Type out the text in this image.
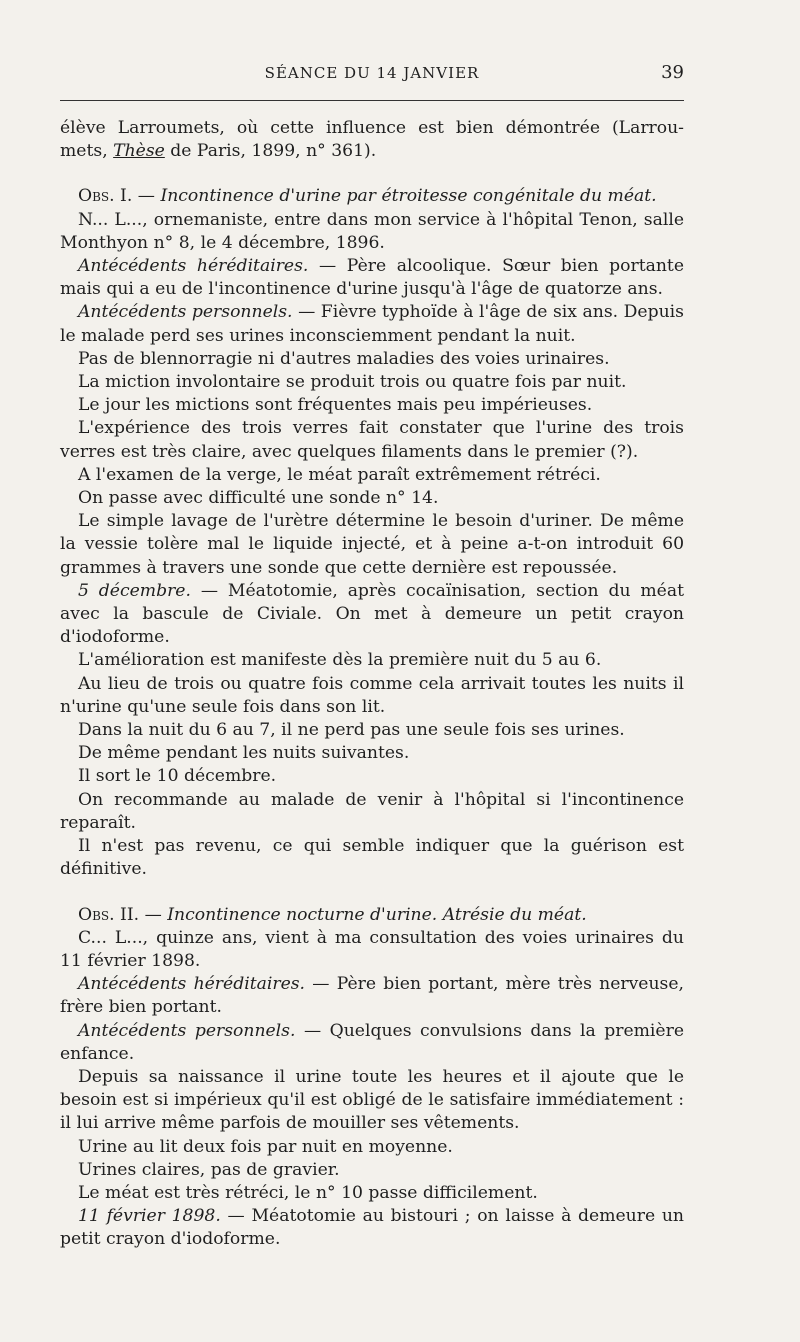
SÉANCE DU 14 JANVIER	39

élève Larroumets, où cette influence est bien démontrée (Larrou- mets, Thèse de Paris, 1899, n° 361).

Obs. I. — Incontinence d'urine par étroitesse congénitale du méat.

N... L..., ornemaniste, entre dans mon service à l'hôpital Tenon, salle Monthyon n° 8, le 4 décembre, 1896.

Antécédents héréditaires. — Père alcoolique. Sœur bien portante mais qui a eu de l'incontinence d'urine jusqu'à l'âge de quatorze ans.

Antécédents personnels. — Fièvre typhoïde à l'âge de six ans. Depuis le malade perd ses urines inconsciemment pendant la nuit.

Pas de blennorragie ni d'autres maladies des voies urinaires.

La miction involontaire se produit trois ou quatre fois par nuit.

Le jour les mictions sont fréquentes mais peu impérieuses.

L'expérience des trois verres fait constater que l'urine des trois verres est très claire, avec quelques filaments dans le premier (?).

A l'examen de la verge, le méat paraît extrêmement rétréci.

On passe avec difficulté une sonde n° 14.

Le simple lavage de l'urètre détermine le besoin d'uriner. De même la vessie tolère mal le liquide injecté, et à peine a-t-on introduit 60 grammes à travers une sonde que cette dernière est repoussée.

5 décembre. — Méatotomie, après cocaïnisation, section du méat avec la bascule de Civiale. On met à demeure un petit crayon d'iodoforme.

L'amélioration est manifeste dès la première nuit du 5 au 6.

Au lieu de trois ou quatre fois comme cela arrivait toutes les nuits il n'urine qu'une seule fois dans son lit.

Dans la nuit du 6 au 7, il ne perd pas une seule fois ses urines.

De même pendant les nuits suivantes.

Il sort le 10 décembre.

On recommande au malade de venir à l'hôpital si l'incontinence reparaît.

Il n'est pas revenu, ce qui semble indiquer que la guérison est définitive.

Obs. II. — Incontinence nocturne d'urine. Atrésie du méat.

C... L..., quinze ans, vient à ma consultation des voies urinaires du 11 février 1898.

Antécédents héréditaires. — Père bien portant, mère très nerveuse, frère bien portant.

Antécédents personnels. — Quelques convulsions dans la première enfance.

Depuis sa naissance il urine toute les heures et il ajoute que le besoin est si impérieux qu'il est obligé de le satisfaire immédiatement : il lui arrive même parfois de mouiller ses vêtements.

Urine au lit deux fois par nuit en moyenne.

Urines claires, pas de gravier.

Le méat est très rétréci, le n° 10 passe difficilement.

11 février 1898. — Méatotomie au bistouri ; on laisse à demeure un petit crayon d'iodoforme.
